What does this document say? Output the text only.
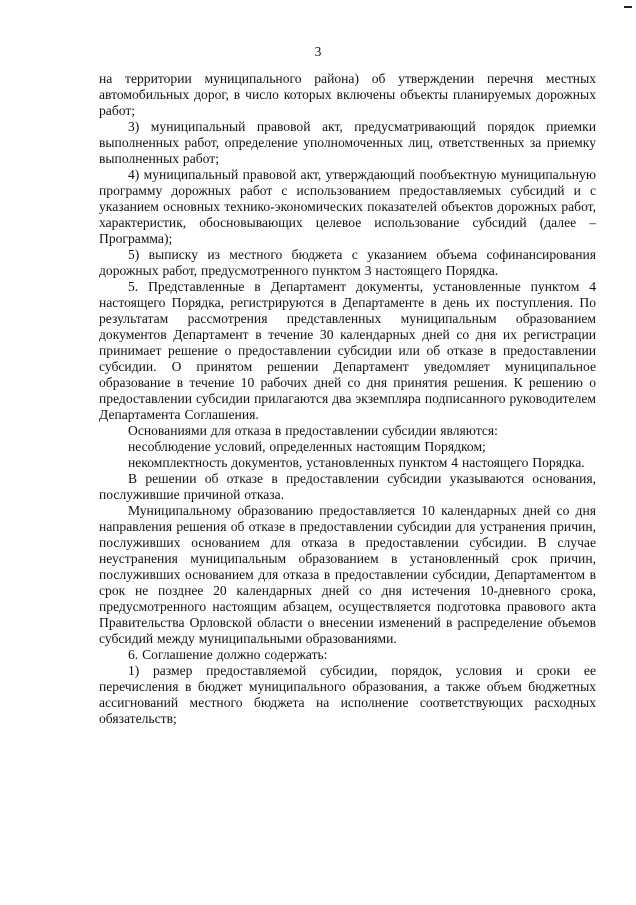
3

на территории муниципального района) об утверждении перечня местных автомобильных дорог, в число которых включены объекты планируемых дорожных работ;

3) муниципальный правовой акт, предусматривающий порядок приемки выполненных работ, определение уполномоченных лиц, ответственных за приемку выполненных работ;

4) муниципальный правовой акт, утверждающий пообъектную муниципальную программу дорожных работ с использованием предоставляемых субсидий и с указанием основных технико-экономических показателей объектов дорожных работ, характеристик, обосновывающих целевое использование субсидий (далее – Программа);

5) выписку из местного бюджета с указанием объема софинансирования дорожных работ, предусмотренного пунктом 3 настоящего Порядка.

5. Представленные в Департамент документы, установленные пунктом 4 настоящего Порядка, регистрируются в Департаменте в день их поступления. По результатам рассмотрения представленных муниципальным образованием документов Департамент в течение 30 календарных дней со дня их регистрации принимает решение о предоставлении субсидии или об отказе в предоставлении субсидии. О принятом решении Департамент уведомляет муниципальное образование в течение 10 рабочих дней со дня принятия решения. К решению о предоставлении субсидии прилагаются два экземпляра подписанного руководителем Департамента Соглашения.

Основаниями для отказа в предоставлении субсидии являются:

несоблюдение условий, определенных настоящим Порядком;

некомплектность документов, установленных пунктом 4 настоящего Порядка.

В решении об отказе в предоставлении субсидии указываются основания, послужившие причиной отказа.

Муниципальному образованию предоставляется 10 календарных дней со дня направления решения об отказе в предоставлении субсидии для устранения причин, послуживших основанием для отказа в предоставлении субсидии. В случае неустранения муниципальным образованием в установленный срок причин, послуживших основанием для отказа в предоставлении субсидии, Департаментом в срок не позднее 20 календарных дней со дня истечения 10-дневного срока, предусмотренного настоящим абзацем, осуществляется подготовка правового акта Правительства Орловской области о внесении изменений в распределение объемов субсидий между муниципальными образованиями.

6. Соглашение должно содержать:

1) размер предоставляемой субсидии, порядок, условия и сроки ее перечисления в бюджет муниципального образования, а также объем бюджетных ассигнований местного бюджета на исполнение соответствующих расходных обязательств;
